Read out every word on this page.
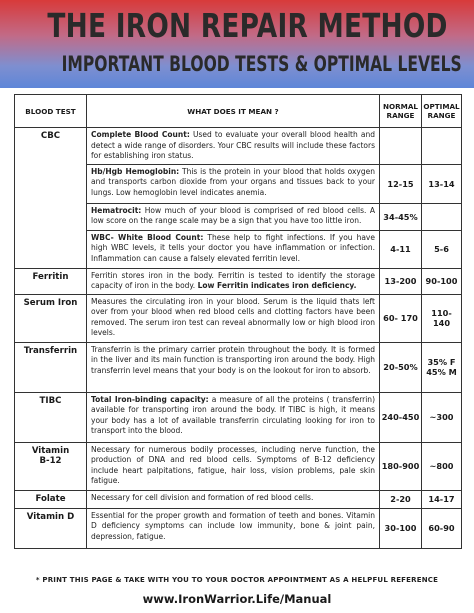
THE IRON REPAIR METHOD
IMPORTANT BLOOD TESTS & OPTIMAL LEVELS
BLOOD TEST	WHAT DOES IT MEAN ?	NORMAL RANGE	OPTIMAL RANGE
CBC	Complete Blood Count: Used to evaluate your overall blood health and detect a wide range of disorders. Your CBC results will include these factors for establishing iron status.		
	Hb/Hgb Hemoglobin: This is the protein in your blood that holds oxygen and transports carbon dioxide from your organs and tissues back to your lungs. Low hemoglobin level indicates anemia.	12-15	13-14
	Hematrocit: How much of your blood is comprised of red blood cells. A low score on the range scale may be a sign that you have too little iron.	34-45%	
	WBC- White Blood Count: These help to fight infections. If you have high WBC levels, it tells your doctor you have inflammation or infection. Inflammation can cause a falsely elevated ferritin level.	4-11	5-6
Ferritin	Ferritin stores iron in the body. Ferritin is tested to identify the storage capacity of iron in the body. Low Ferritin indicates iron deficiency.	13-200	90-100
Serum Iron	Measures the circulating iron in your blood. Serum is the liquid thats left over from your blood when red blood cells and clotting factors have been removed. The serum iron test can reveal abnormally low or high blood iron levels.	60- 170	110-140
Transferrin	Transferrin is the primary carrier protein throughout the body. It is formed in the liver and its main function is transporting iron around the body. High transferrin level means that your body is on the lookout for iron to absorb.	20-50%	35% F
45% M
TIBC	Total Iron-binding capacity: a measure of all the proteins ( transferrin) available for transporting iron around the body. If TIBC is high, it means your body has a lot of available transferrin circulating looking for iron to transport into the blood.	240-450	~300
Vitamin
B-12	Necessary for numerous bodily processes, including nerve function, the production of DNA and red blood cells. Symptoms of B-12 deficiency include heart palpitations, fatigue, hair loss, vision problems, pale skin fatigue.	180-900	~800
Folate	Necessary for cell division and formation of red blood cells.	2-20	14-17
Vitamin D	Essential for the proper growth and formation of teeth and bones. Vitamin D deficiency symptoms can include low immunity, bone & joint pain, depression, fatigue.	30-100	60-90
* PRINT THIS PAGE & TAKE WITH YOU TO YOUR DOCTOR APPOINTMENT AS A HELPFUL REFERENCE
www.IronWarrior.Life/Manual
